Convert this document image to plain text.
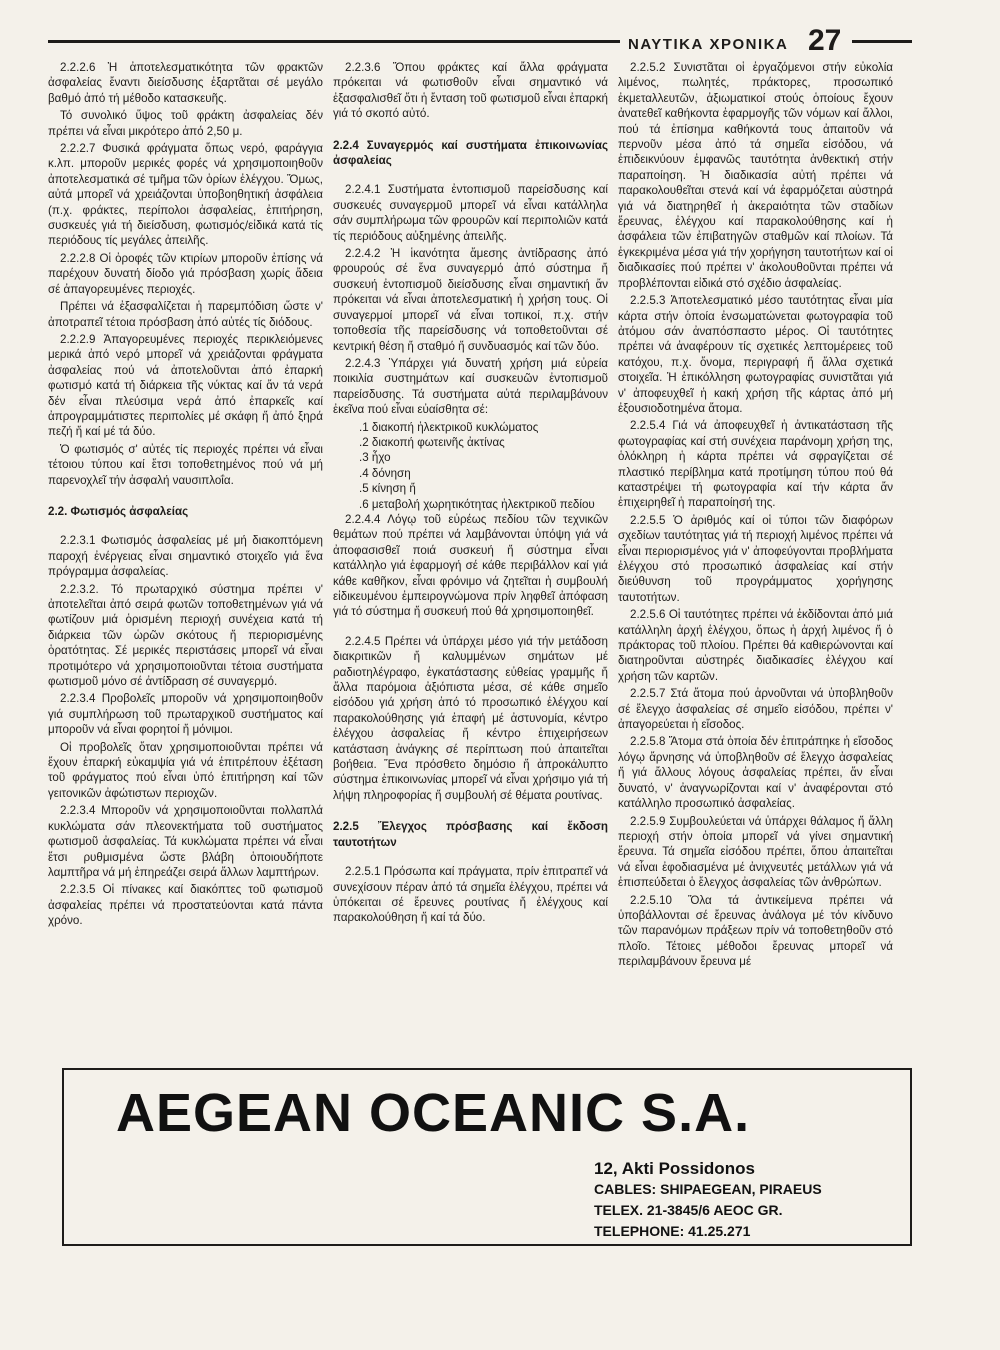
ΝΑΥΤΙΚΑ ΧΡΟΝΙΚΑ 27

2.2.2.6 Ἡ ἀποτελεσματικότητα τῶν φρακτῶν ἀσφαλείας ἔναντι διείσδυσης ἐξαρτᾶται σέ μεγάλο βαθμό ἀπό τή μέθοδο κατασκευῆς.

Τό συνολικό ὕψος τοῦ φράκτη ἀσφαλείας δέν πρέπει νά εἶναι μικρότερο ἀπό 2,50 μ.

2.2.2.7 Φυσικά φράγματα ὅπως νερό, φαράγγια κ.λπ. μποροῦν μερικές φορές νά χρησιμοποιηθοῦν ἀποτελεσματικά σέ τμῆμα τῶν ὁρίων ἐλέγχου. Ὅμως, αὐτά μπορεῖ νά χρειάζονται ὑποβοηθητική ἀσφάλεια (π.χ. φράκτες, περίπολοι ἀσφαλείας, ἐπιτήρηση, συσκευές γιά τή διείσδυση, φωτισμός/εἰδικά κατά τίς περιόδους τίς μεγάλες ἀπειλῆς.

2.2.2.8 Οἱ ὀροφές τῶν κτιρίων μποροῦν ἐπίσης νά παρέχουν δυνατή δίοδο γιά πρόσβαση χωρίς ἄδεια σέ ἀπαγορευμένες περιοχές.

Πρέπει νά ἐξασφαλίζεται ἡ παρεμπόδιση ὥστε ν' ἀποτραπεῖ τέτοια πρόσβαση ἀπό αὐτές τίς διόδους.

2.2.2.9 Ἀπαγορευμένες περιοχές περικλειόμενες μερικά ἀπό νερό μπορεῖ νά χρειάζονται φράγματα ἀσφαλείας πού νά ἀποτελοῦνται ἀπό ἐπαρκή φωτισμό κατά τή διάρκεια τῆς νύκτας καί ἄν τά νερά δέν εἶναι πλεύσιμα νερά ἀπό ἐπαρκεῖς καί ἀπρογραμμάτιστες περιπολίες μέ σκάφη ἤ ἀπό ξηρά πεζή ἤ καί μέ τά δύο.

Ὁ φωτισμός σ' αὐτές τίς περιοχές πρέπει νά εἶναι τέτοιου τύπου καί ἔτσι τοποθετημένος πού νά μή παρενοχλεῖ τήν ἀσφαλή ναυσιπλοΐα.

2.2. Φωτισμός ἀσφαλείας

2.2.3.1 Φωτισμός ἀσφαλείας μέ μή διακοπτόμενη παροχή ἐνέργειας εἶναι σημαντικό στοιχεῖο γιά ἕνα πρόγραμμα ἀσφαλείας.

2.2.3.2. Τό πρωταρχικό σύστημα πρέπει ν' ἀποτελεῖται ἀπό σειρά φωτῶν τοποθετημένων γιά νά φωτίζουν μιά ὁρισμένη περιοχή συνέχεια κατά τή διάρκεια τῶν ὡρῶν σκότους ἤ περιορισμένης ὁρατότητας. Σέ μερικές περιστάσεις μπορεῖ νά εἶναι προτιμότερο νά χρησιμοποιοῦνται τέτοια συστήματα φωτισμοῦ μόνο σέ ἀντίδραση σέ συναγερμό.

2.2.3.4 Προβολεῖς μποροῦν νά χρησιμοποιηθοῦν γιά συμπλήρωση τοῦ πρωταρχικοῦ συστήματος καί μποροῦν νά εἶναι φορητοί ἤ μόνιμοι.

Οἱ προβολεῖς ὅταν χρησιμοποιοῦνται πρέπει νά ἔχουν ἐπαρκή εὐκαμψία γιά νά ἐπιτρέπουν ἐξέταση τοῦ φράγματος πού εἶναι ὑπό ἐπιτήρηση καί τῶν γειτονικῶν ἀφώτιστων περιοχῶν.

2.2.3.4 Μποροῦν νά χρησιμοποιοῦνται πολλαπλά κυκλώματα σάν πλεονεκτήματα τοῦ συστήματος φωτισμοῦ ἀσφαλείας. Τά κυκλώματα πρέπει νά εἶναι ἔτσι ρυθμισμένα ὥστε βλάβη ὁποιουδήποτε λαμπτῆρα νά μή ἐπηρεάζει σειρά ἄλλων λαμπτήρων.

2.2.3.5 Οἱ πίνακες καί διακόπτες τοῦ φωτισμοῦ ἀσφαλείας πρέπει νά προστατεύονται κατά πάντα χρόνο.

2.2.3.6 Ὅπου φράκτες καί ἄλλα φράγματα πρόκειται νά φωτισθοῦν εἶναι σημαντικό νά ἐξασφαλισθεῖ ὅτι ἡ ἔνταση τοῦ φωτισμοῦ εἶναι ἐπαρκή γιά τό σκοπό αὐτό.

2.2.4 Συναγερμός καί συστήματα ἐπικοινωνίας ἀσφαλείας

2.2.4.1 Συστήματα ἐντοπισμοῦ παρείσδυσης καί συσκευές συναγερμοῦ μπορεῖ νά εἶναι κατάλληλα σάν συμπλήρωμα τῶν φρουρῶν καί περιπολιῶν κατά τίς περιόδους αὐξημένης ἀπειλῆς.

2.2.4.2 Ἡ ἱκανότητα ἄμεσης ἀντίδρασης ἀπό φρουρούς σέ ἕνα συναγερμό ἀπό σύστημα ἤ συσκευή ἐντοπισμοῦ διείσδυσης εἶναι σημαντική ἄν πρόκειται νά εἶναι ἀποτελεσματική ἡ χρήση τους. Οἱ συναγερμοί μπορεῖ νά εἶναι τοπικοί, π.χ. στήν τοποθεσία τῆς παρείσδυσης νά τοποθετοῦνται σέ κεντρική θέση ἤ σταθμό ἤ συνδυασμός καί τῶν δύο.

2.2.4.3 Ὑπάρχει γιά δυνατή χρήση μιά εὐρεία ποικιλία συστημάτων καί συσκευῶν ἐντοπισμοῦ παρείσδυσης. Τά συστήματα αὐτά περιλαμβάνουν ἐκεῖνα πού εἶναι εὐαίσθητα σέ:

.1 διακοπή ἠλεκτρικοῦ κυκλώματος

.2 διακοπή φωτεινῆς ἀκτίνας

.3 ἦχο

.4 δόνηση

.5 κίνηση ἤ

.6 μεταβολή χωρητικότητας ἠλεκτρικοῦ πεδίου

2.2.4.4 Λόγῳ τοῦ εὐρέως πεδίου τῶν τεχνικῶν θεμάτων πού πρέπει νά λαμβάνονται ὑπόψη γιά νά ἀποφασισθεῖ ποιά συσκευή ἤ σύστημα εἶναι κατάλληλο γιά ἐφαρμογή σέ κάθε περιβάλλον καί γιά κάθε καθῆκον, εἶναι φρόνιμο νά ζητεῖται ἡ συμβουλή εἰδικευμένου ἐμπειρογνώμονα πρίν ληφθεῖ ἀπόφαση γιά τό σύστημα ἤ συσκευή πού θά χρησιμοποιηθεῖ.

2.2.4.5 Πρέπει νά ὑπάρχει μέσο γιά τήν μετάδοση διακριτικῶν ἤ καλυμμένων σημάτων μέ ραδιοτηλέγραφο, ἐγκατάστασης εὐθείας γραμμῆς ἤ ἄλλα παρόμοια ἀξιόπιστα μέσα, σέ κάθε σημεῖο εἰσόδου γιά χρήση ἀπό τό προσωπικό ἐλέγχου καί παρακολούθησης γιά ἐπαφή μέ ἀστυνομία, κέντρο ἐλέγχου ἀσφαλείας ἤ κέντρο ἐπιχειρήσεων κατάσταση ἀνάγκης σέ περίπτωση πού ἀπαιτεῖται βοήθεια. Ἕνα πρόσθετο δημόσιο ἤ ἀπροκάλυπτο σύστημα ἐπικοινωνίας μπορεῖ νά εἶναι χρήσιμο γιά τή λήψη πληροφορίας ἤ συμβουλή σέ θέματα ρουτίνας.

2.2.5 Ἔλεγχος πρόσβασης καί ἔκδοση ταυτοτήτων

2.2.5.1 Πρόσωπα καί πράγματα, πρίν ἐπιτραπεῖ νά συνεχίσουν πέραν ἀπό τά σημεῖα ἐλέγχου, πρέπει νά ὑπόκειται σέ ἔρευνες ρουτίνας ἤ ἐλέγχους καί παρακολούθηση ἤ καί τά δύο.

2.2.5.2 Συνιστᾶται οἱ ἐργαζόμενοι στήν εὐκολία λιμένος, πωλητές, πράκτορες, προσωπικό ἐκμεταλλευτῶν, ἀξιωματικοί στούς ὁποίους ἔχουν ἀνατεθεῖ καθήκοντα ἐφαρμογῆς τῶν νόμων καί ἄλλοι, πού τά ἐπίσημα καθήκοντά τους ἀπαιτοῦν νά περνοῦν μέσα ἀπό τά σημεῖα εἰσόδου, νά ἐπιδεικνύουν ἐμφανῶς ταυτότητα ἀνθεκτική στήν παραποίηση. Ἡ διαδικασία αὐτή πρέπει νά παρακολουθεῖται στενά καί νά ἐφαρμόζεται αὐστηρά γιά νά διατηρηθεῖ ἡ ἀκεραιότητα τῶν σταδίων ἔρευνας, ἐλέγχου καί παρακολούθησης καί ἡ ἀσφάλεια τῶν ἐπιβατηγῶν σταθμῶν καί πλοίων. Τά ἐγκεκριμένα μέσα γιά τήν χορήγηση ταυτοτήτων καί οἱ διαδικασίες πού πρέπει ν' ἀκολουθοῦνται πρέπει νά προβλέπονται εἰδικά στό σχέδιο ἀσφαλείας.

2.2.5.3 Ἀποτελεσματικό μέσο ταυτότητας εἶναι μία κάρτα στήν ὁποία ἐνσωματώνεται φωτογραφία τοῦ ἀτόμου σάν ἀναπόσπαστο μέρος. Οἱ ταυτότητες πρέπει νά ἀναφέρουν τίς σχετικές λεπτομέρειες τοῦ κατόχου, π.χ. ὄνομα, περιγραφή ἤ ἄλλα σχετικά στοιχεῖα. Ἡ ἐπικόλληση φωτογραφίας συνιστᾶται γιά ν' ἀποφευχθεῖ ἡ κακή χρήση τῆς κάρτας ἀπό μή ἐξουσιοδοτημένα ἄτομα.

2.2.5.4 Γιά νά ἀποφευχθεῖ ἡ ἀντικατάσταση τῆς φωτογραφίας καί στή συνέχεια παράνομη χρήση της, ὁλόκληρη ἡ κάρτα πρέπει νά σφραγίζεται σέ πλαστικό περίβλημα κατά προτίμηση τύπου πού θά καταστρέψει τή φωτογραφία καί τήν κάρτα ἄν ἐπιχειρηθεῖ ἡ παραποίησή της.

2.2.5.5 Ὁ ἀριθμός καί οἱ τύποι τῶν διαφόρων σχεδίων ταυτότητας γιά τή περιοχή λιμένος πρέπει νά εἶναι περιορισμένος γιά ν' ἀποφεύγονται προβλήματα ἐλέγχου στό προσωπικό ἀσφαλείας καί στήν διεύθυνση τοῦ προγράμματος χορήγησης ταυτοτήτων.

2.2.5.6 Οἱ ταυτότητες πρέπει νά ἐκδίδονται ἀπό μιά κατάλληλη ἀρχή ἐλέγχου, ὅπως ἡ ἀρχή λιμένος ἤ ὁ πράκτορας τοῦ πλοίου. Πρέπει θά καθιερώνονται καί διατηροῦνται αὐστηρές διαδικασίες ἐλέγχου καί χρήση τῶν καρτῶν.

2.2.5.7 Στά ἄτομα πού ἀρνοῦνται νά ὑποβληθοῦν σέ ἔλεγχο ἀσφαλείας σέ σημεῖο εἰσόδου, πρέπει ν' ἀπαγορεύεται ἡ εἴσοδος.

2.2.5.8 Ἄτομα στά ὁποία δέν ἐπιτράπηκε ἡ εἴσοδος λόγῳ ἄρνησης νά ὑποβληθοῦν σέ ἔλεγχο ἀσφαλείας ἤ γιά ἄλλους λόγους ἀσφαλείας πρέπει, ἄν εἶναι δυνατό, ν' ἀναγνωρίζονται καί ν' ἀναφέρονται στό κατάλληλο προσωπικό ἀσφαλείας.

2.2.5.9 Συμβουλεύεται νά ὑπάρχει θάλαμος ἤ ἄλλη περιοχή στήν ὁποία μπορεῖ νά γίνει σημαντική ἔρευνα. Τά σημεῖα εἰσόδου πρέπει, ὅπου ἀπαιτεῖται νά εἶναι ἐφοδιασμένα μέ ἀνιχνευτές μετάλλων γιά νά ἐπισπεύδεται ὁ ἔλεγχος ἀσφαλείας τῶν ἀνθρώπων.

2.2.5.10 Ὅλα τά ἀντικείμενα πρέπει νά ὑποβάλλονται σέ ἔρευνας ἀνάλογα μέ τόν κίνδυνο τῶν παρανόμων πράξεων πρίν νά τοποθετηθοῦν στό πλοῖο. Τέτοιες μέθοδοι ἔρευνας μπορεῖ νά περιλαμβάνουν ἔρευνα μέ

AEGEAN OCEANIC S.A.
12, Akti Possidonos
CABLES: SHIPAEGEAN, PIRAEUS
TELEX. 21-3845/6 AEOC GR.
TELEPHONE: 41.25.271
